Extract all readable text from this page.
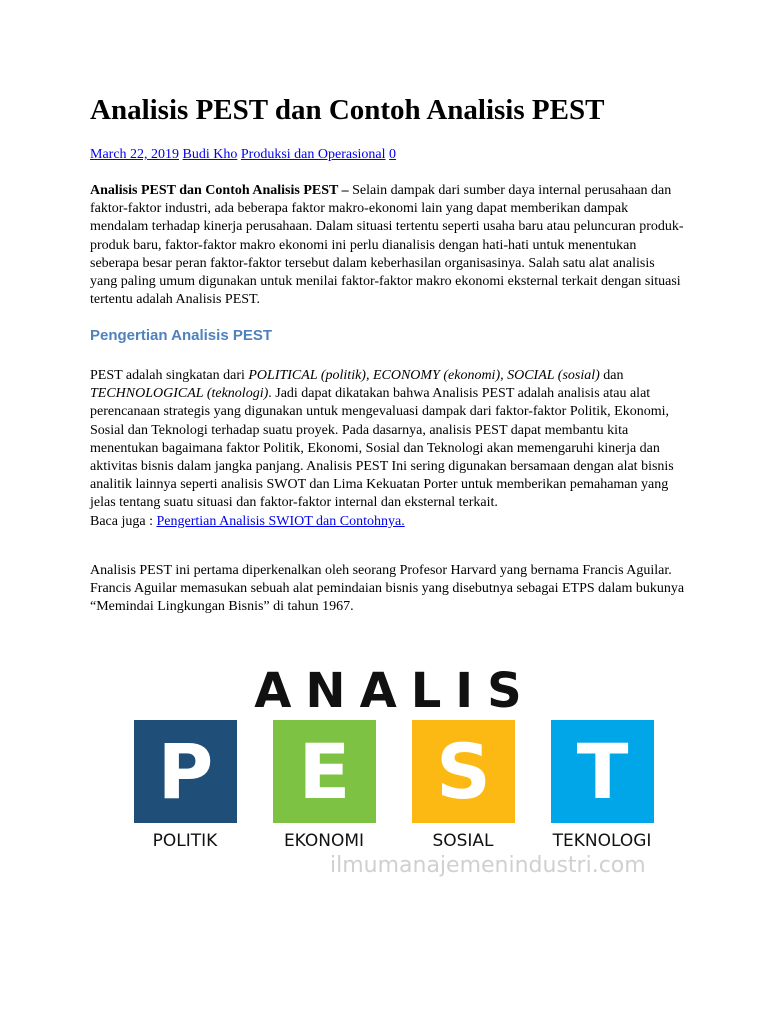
Analisis PEST dan Contoh Analisis PEST
March 22, 2019 Budi Kho Produksi dan Operasional 0

Analisis PEST dan Contoh Analisis PEST – Selain dampak dari sumber daya internal perusahaan dan faktor-faktor industri, ada beberapa faktor makro-ekonomi lain yang dapat memberikan dampak mendalam terhadap kinerja perusahaan. Dalam situasi tertentu seperti usaha baru atau peluncuran produk-produk baru, faktor-faktor makro ekonomi ini perlu dianalisis dengan hati-hati untuk menentukan seberapa besar peran faktor-faktor tersebut dalam keberhasilan organisasinya. Salah satu alat analisis yang paling umum digunakan untuk menilai faktor-faktor makro ekonomi eksternal terkait dengan situasi tertentu adalah Analisis PEST.

Pengertian Analisis PEST

PEST adalah singkatan dari POLITICAL (politik), ECONOMY (ekonomi), SOCIAL (sosial) dan TECHNOLOGICAL (teknologi). Jadi dapat dikatakan bahwa Analisis PEST adalah analisis atau alat perencanaan strategis yang digunakan untuk mengevaluasi dampak dari faktor-faktor Politik, Ekonomi, Sosial dan Teknologi terhadap suatu proyek. Pada dasarnya, analisis PEST dapat membantu kita menentukan bagaimana faktor Politik, Ekonomi, Sosial dan Teknologi akan memengaruhi kinerja dan aktivitas bisnis dalam jangka panjang. Analisis PEST Ini sering digunakan bersamaan dengan alat bisnis analitik lainnya seperti analisis SWOT dan Lima Kekuatan Porter untuk memberikan pemahaman yang jelas tentang suatu situasi dan faktor-faktor internal dan eksternal terkait.

Baca juga : Pengertian Analisis SWIOT dan Contohnya.

Analisis PEST ini pertama diperkenalkan oleh seorang Profesor Harvard yang bernama Francis Aguilar. Francis Aguilar memasukan sebuah alat pemindaian bisnis yang disebutnya sebagai ETPS dalam bukunya “Memindai Lingkungan Bisnis” di tahun 1967.

ANALIS
P	E	S	T
POLITIK	EKONOMI	SOSIAL	TEKNOLOGI
ilmumanajemenindustri.com
